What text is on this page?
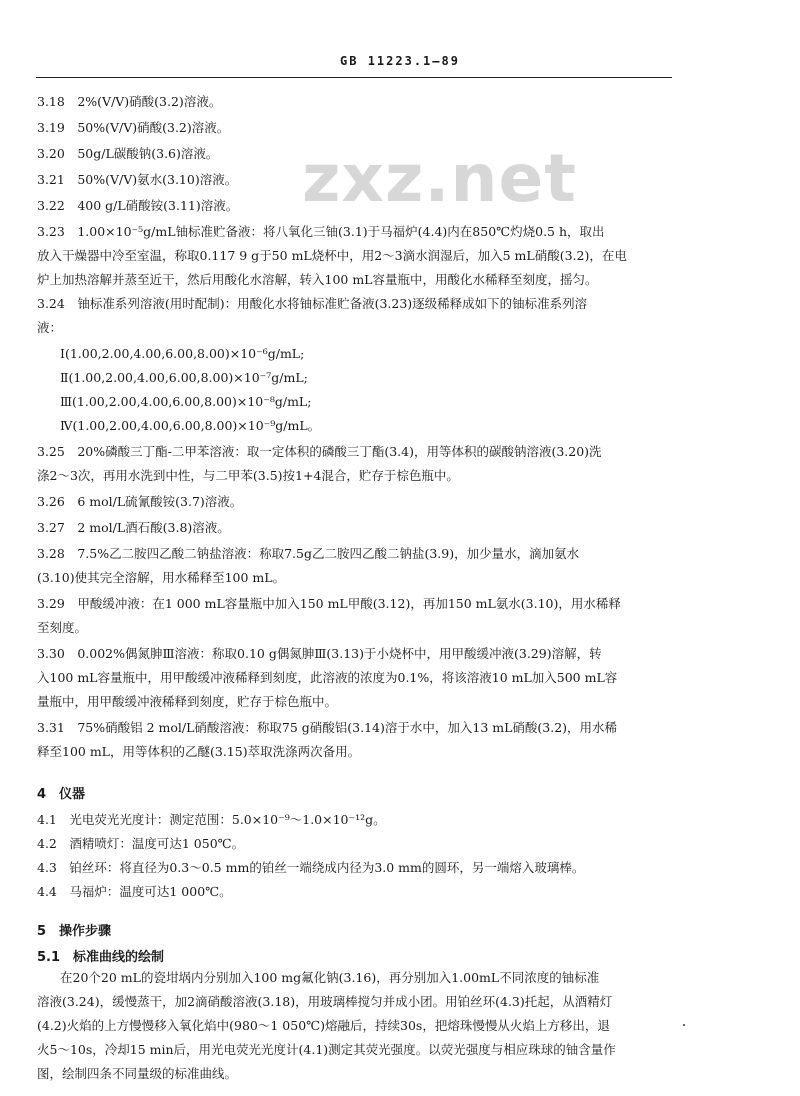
GB 11223.1—89
zxz.net
3.18　2%(V/V)硝酸(3.2)溶液。
3.19　50%(V/V)硝酸(3.2)溶液。
3.20　50g/L碳酸钠(3.6)溶液。
3.21　50%(V/V)氨水(3.10)溶液。
3.22　400 g/L硝酸铵(3.11)溶液。
3.23　1.00×10⁻⁵g/mL铀标准贮备液：将八氧化三铀(3.1)于马福炉(4.4)内在850℃灼烧0.5 h，取出
放入干燥器中冷至室温，称取0.117 9 g于50 mL烧杯中，用2～3滴水润湿后，加入5 mL硝酸(3.2)，在电
炉上加热溶解并蒸至近干，然后用酸化水溶解，转入100 mL容量瓶中，用酸化水稀释至刻度，摇匀。
3.24　铀标准系列溶液(用时配制)：用酸化水将铀标准贮备液(3.23)逐级稀释成如下的铀标准系列溶
液：
Ⅰ(1.00,2.00,4.00,6.00,8.00)×10⁻⁶g/mL;
Ⅱ(1.00,2.00,4.00,6.00,8.00)×10⁻⁷g/mL;
Ⅲ(1.00,2.00,4.00,6.00,8.00)×10⁻⁸g/mL;
Ⅳ(1.00,2.00,4.00,6.00,8.00)×10⁻⁹g/mL。
3.25　20%磷酸三丁酯-二甲苯溶液：取一定体积的磷酸三丁酯(3.4)，用等体积的碳酸钠溶液(3.20)洗
涤2～3次，再用水洗到中性，与二甲苯(3.5)按1+4混合，贮存于棕色瓶中。
3.26　6 mol/L硫氰酸铵(3.7)溶液。
3.27　2 mol/L酒石酸(3.8)溶液。
3.28　7.5%乙二胺四乙酸二钠盐溶液：称取7.5g乙二胺四乙酸二钠盐(3.9)，加少量水，滴加氨水
(3.10)使其完全溶解，用水稀释至100 mL。
3.29　甲酸缓冲液：在1 000 mL容量瓶中加入150 mL甲酸(3.12)，再加150 mL氨水(3.10)，用水稀释
至刻度。
3.30　0.002%偶氮胂Ⅲ溶液：称取0.10 g偶氮胂Ⅲ(3.13)于小烧杯中，用甲酸缓冲液(3.29)溶解，转
入100 mL容量瓶中，用甲酸缓冲液稀释到刻度，此溶液的浓度为0.1%，将该溶液10 mL加入500 mL容
量瓶中，用甲酸缓冲液稀释到刻度，贮存于棕色瓶中。
3.31　75%硝酸铝 2 mol/L硝酸溶液：称取75 g硝酸铝(3.14)溶于水中，加入13 mL硝酸(3.2)，用水稀
释至100 mL，用等体积的乙醚(3.15)萃取洗涤两次备用。
4　仪器
4.1　光电荧光光度计：测定范围：5.0×10⁻⁹～1.0×10⁻¹²g。
4.2　酒精喷灯：温度可达1 050℃。
4.3　铂丝环：将直径为0.3～0.5 mm的铂丝一端绕成内径为3.0 mm的圆环，另一端熔入玻璃棒。
4.4　马福炉：温度可达1 000℃。
5　操作步骤
5.1　标准曲线的绘制
在20个20 mL的瓷坩埚内分别加入100 mg氟化钠(3.16)，再分别加入1.00mL不同浓度的铀标准
溶液(3.24)，缓慢蒸干，加2滴硝酸溶液(3.18)，用玻璃棒搅匀并成小团。用铂丝环(4.3)托起，从酒精灯
(4.2)火焰的上方慢慢移入氧化焰中(980～1 050℃)熔融后，持续30s，把熔珠慢慢从火焰上方移出，退
火5～10s，冷却15 min后，用光电荧光光度计(4.1)测定其荧光强度。以荧光强度与相应珠球的铀含量作
图，绘制四条不同量级的标准曲线。
